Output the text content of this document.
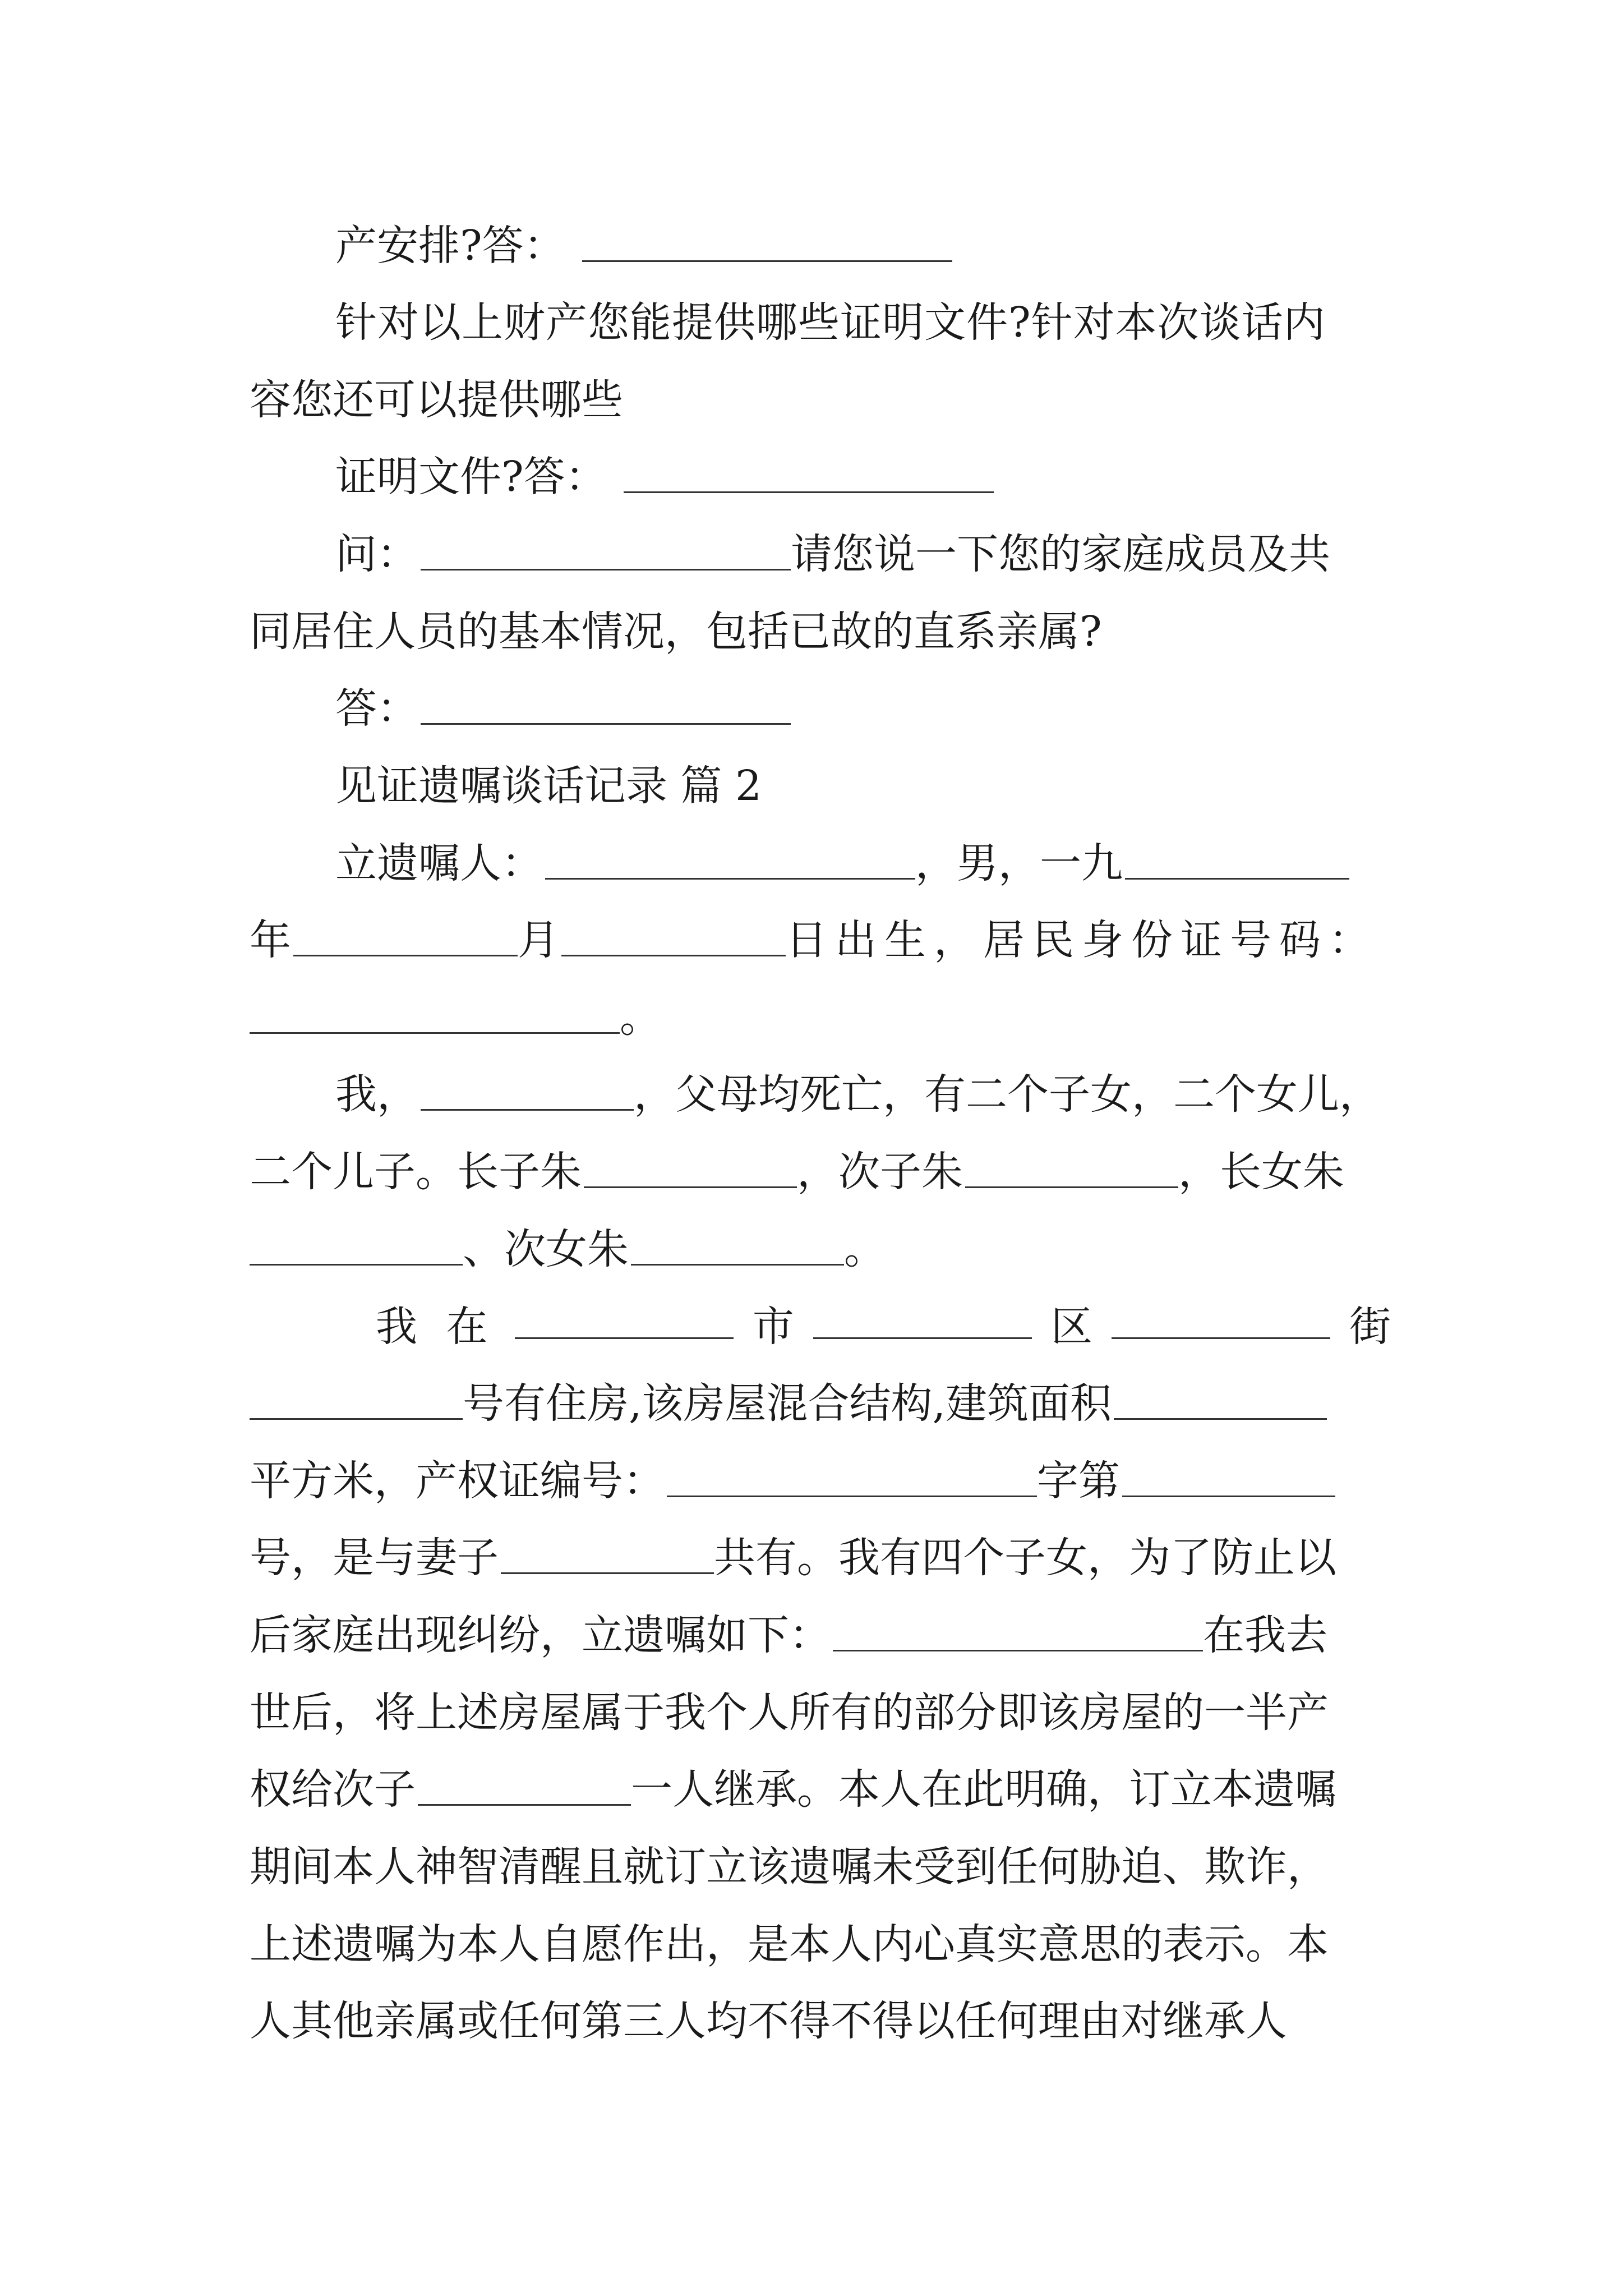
产安排?答：
针对以上财产您能提供哪些证明文件?针对本次谈话内
容您还可以提供哪些
证明文件?答：
问：	请您说一下您的家庭成员及共
同居住人员的基本情况，包括已故的直系亲属?
答：
见证遗嘱谈话记录 篇 2
立遗嘱人：	，男，一九
年	月	日出生，居民身份证号码：
。
我，	，父母均死亡，有二个子女，二个女儿，
二个儿子。长子朱	，次子朱	，长女朱
、次女朱	。
我 在	市	区	街
号有住房,该房屋混合结构,建筑面积
平方米，产权证编号：	字第
号，是与妻子	共有。我有四个子女，为了防止以
后家庭出现纠纷，立遗嘱如下：	在我去
世后，将上述房屋属于我个人所有的部分即该房屋的一半产
权给次子	一人继承。本人在此明确，订立本遗嘱
期间本人神智清醒且就订立该遗嘱未受到任何胁迫、欺诈，
上述遗嘱为本人自愿作出，是本人内心真实意思的表示。本
人其他亲属或任何第三人均不得不得以任何理由对继承人
